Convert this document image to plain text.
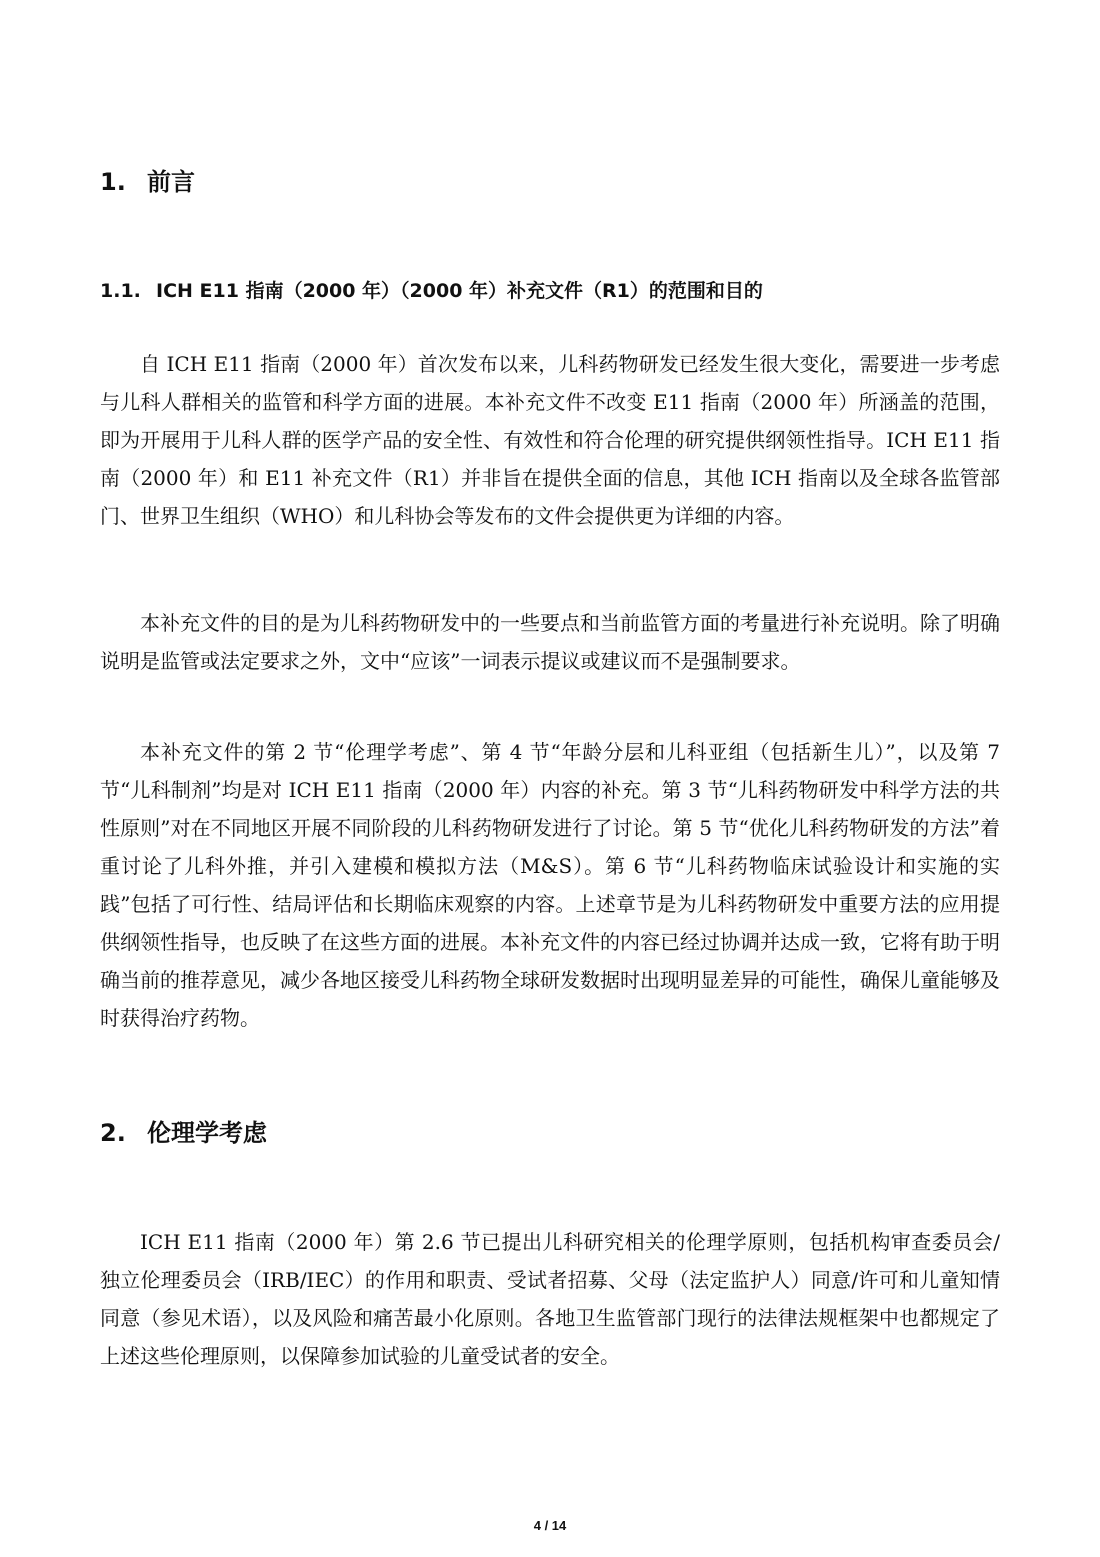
1. 前言
1.1. ICH E11 指南（2000 年）（2000 年）补充文件（R1）的范围和目的

自 ICH E11 指南（2000 年）首次发布以来，儿科药物研发已经发生很大变化，需要进一步考虑与儿科人群相关的监管和科学方面的进展。本补充文件不改变 E11 指南（2000 年）所涵盖的范围，即为开展用于儿科人群的医学产品的安全性、有效性和符合伦理的研究提供纲领性指导。ICH E11 指南（2000 年）和 E11 补充文件（R1）并非旨在提供全面的信息，其他 ICH 指南以及全球各监管部门、世界卫生组织（WHO）和儿科协会等发布的文件会提供更为详细的内容。

本补充文件的目的是为儿科药物研发中的一些要点和当前监管方面的考量进行补充说明。除了明确说明是监管或法定要求之外，文中“应该”一词表示提议或建议而不是强制要求。

本补充文件的第 2 节“伦理学考虑”、第 4 节“年龄分层和儿科亚组（包括新生儿）”，以及第 7 节“儿科制剂”均是对 ICH E11 指南（2000 年）内容的补充。第 3 节“儿科药物研发中科学方法的共性原则”对在不同地区开展不同阶段的儿科药物研发进行了讨论。第 5 节“优化儿科药物研发的方法”着重讨论了儿科外推，并引入建模和模拟方法（M&S）。第 6 节“儿科药物临床试验设计和实施的实践”包括了可行性、结局评估和长期临床观察的内容。上述章节是为儿科药物研发中重要方法的应用提供纲领性指导，也反映了在这些方面的进展。本补充文件的内容已经过协调并达成一致，它将有助于明确当前的推荐意见，减少各地区接受儿科药物全球研发数据时出现明显差异的可能性，确保儿童能够及时获得治疗药物。

2. 伦理学考虑

ICH E11 指南（2000 年）第 2.6 节已提出儿科研究相关的伦理学原则，包括机构审查委员会/独立伦理委员会（IRB/IEC）的作用和职责、受试者招募、父母（法定监护人）同意/许可和儿童知情同意（参见术语），以及风险和痛苦最小化原则。各地卫生监管部门现行的法律法规框架中也都规定了上述这些伦理原则，以保障参加试验的儿童受试者的安全。

4 / 14
